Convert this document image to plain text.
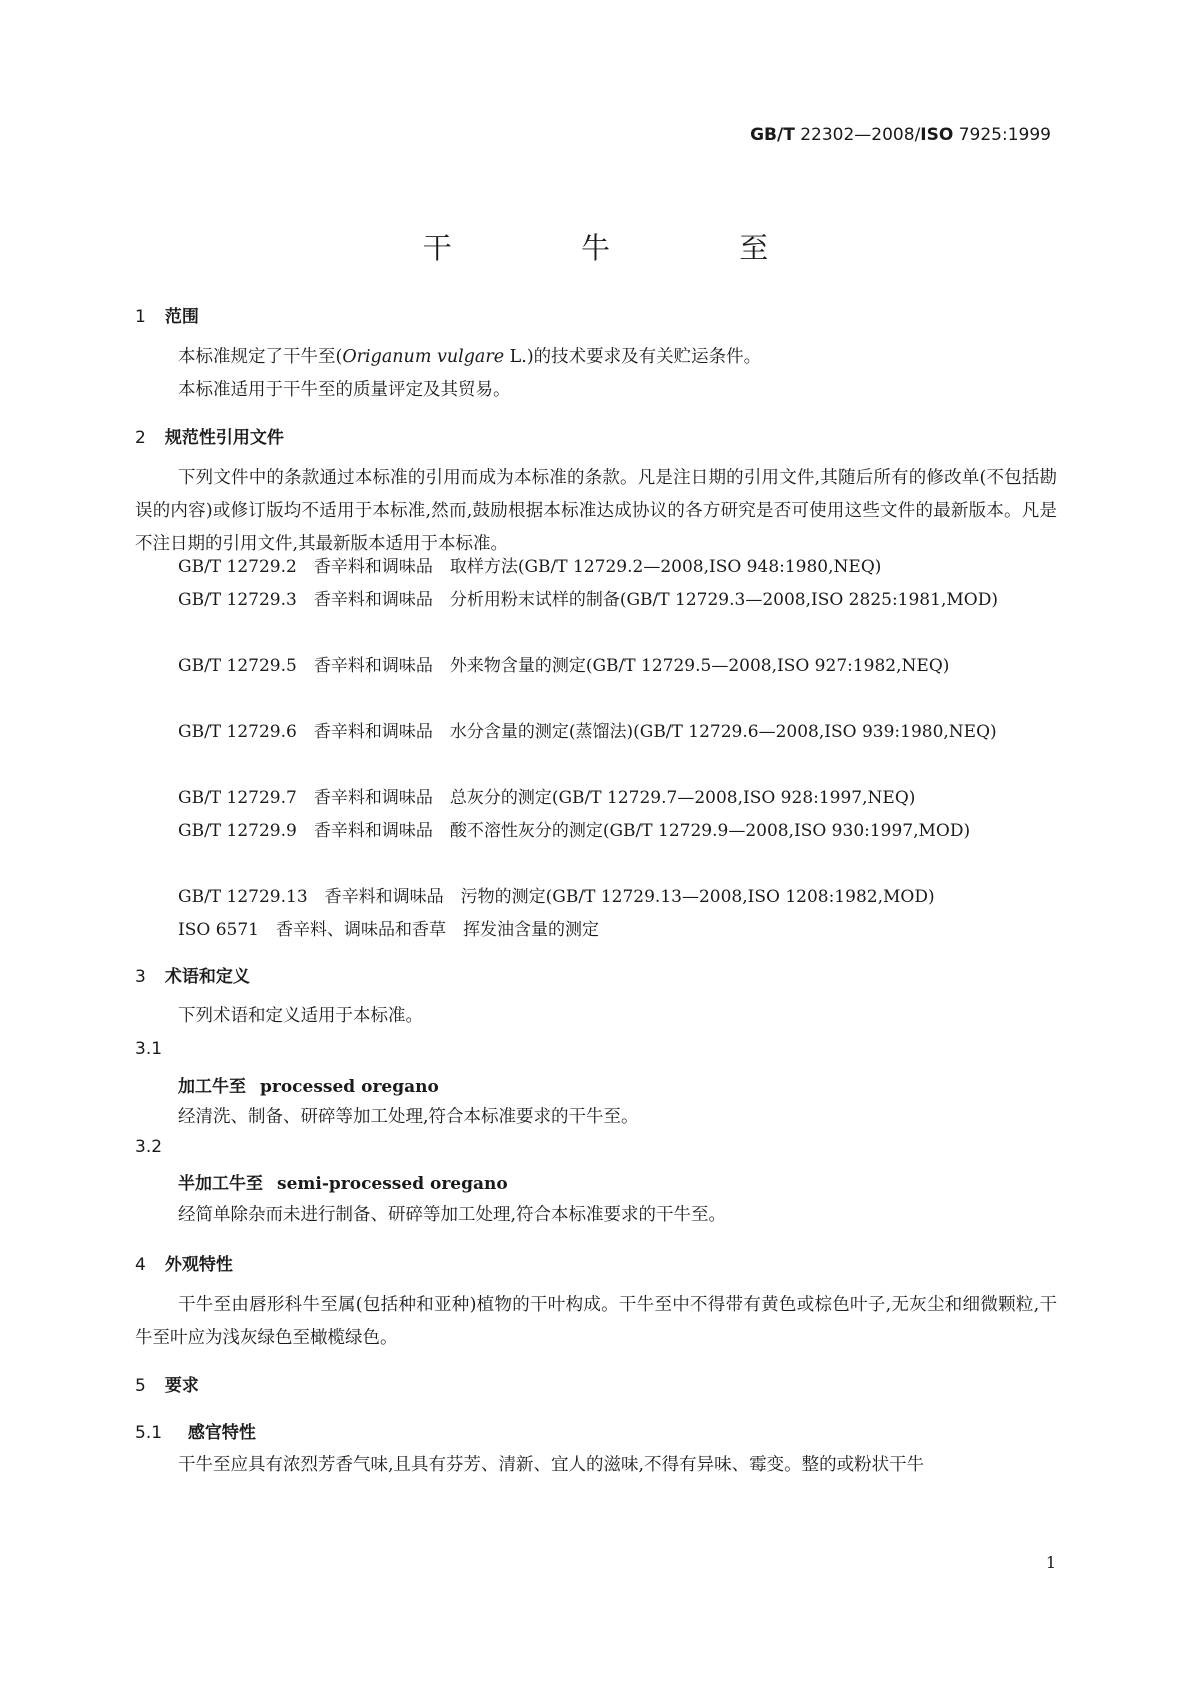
GB/T 22302—2008/ISO 7925:1999
干 牛 至
1 范围
本标准规定了干牛至(Origanum vulgare L.)的技术要求及有关贮运条件。
本标准适用于干牛至的质量评定及其贸易。
2 规范性引用文件
下列文件中的条款通过本标准的引用而成为本标准的条款。凡是注日期的引用文件,其随后所有的修改单(不包括勘误的内容)或修订版均不适用于本标准,然而,鼓励根据本标准达成协议的各方研究是否可使用这些文件的最新版本。凡是不注日期的引用文件,其最新版本适用于本标准。
GB/T 12729.2　香辛料和调味品　取样方法(GB/T 12729.2—2008,ISO 948:1980,NEQ)
GB/T 12729.3　香辛料和调味品　分析用粉末试样的制备(GB/T 12729.3—2008,ISO 2825:1981,MOD)
GB/T 12729.5　香辛料和调味品　外来物含量的测定(GB/T 12729.5—2008,ISO 927:1982,NEQ)
GB/T 12729.6　香辛料和调味品　水分含量的测定(蒸馏法)(GB/T 12729.6—2008,ISO 939:1980,NEQ)
GB/T 12729.7　香辛料和调味品　总灰分的测定(GB/T 12729.7—2008,ISO 928:1997,NEQ)
GB/T 12729.9　香辛料和调味品　酸不溶性灰分的测定(GB/T 12729.9—2008,ISO 930:1997,MOD)
GB/T 12729.13　香辛料和调味品　污物的测定(GB/T 12729.13—2008,ISO 1208:1982,MOD)
ISO 6571　香辛料、调味品和香草　挥发油含量的测定
3 术语和定义
下列术语和定义适用于本标准。
3.1
加工牛至 processed oregano
经清洗、制备、研碎等加工处理,符合本标准要求的干牛至。
3.2
半加工牛至 semi-processed oregano
经简单除杂而未进行制备、研碎等加工处理,符合本标准要求的干牛至。
4 外观特性
干牛至由唇形科牛至属(包括种和亚种)植物的干叶构成。干牛至中不得带有黄色或棕色叶子,无灰尘和细微颗粒,干牛至叶应为浅灰绿色至橄榄绿色。
5 要求
5.1 感官特性
干牛至应具有浓烈芳香气味,且具有芬芳、清新、宜人的滋味,不得有异味、霉变。整的或粉状干牛
1
